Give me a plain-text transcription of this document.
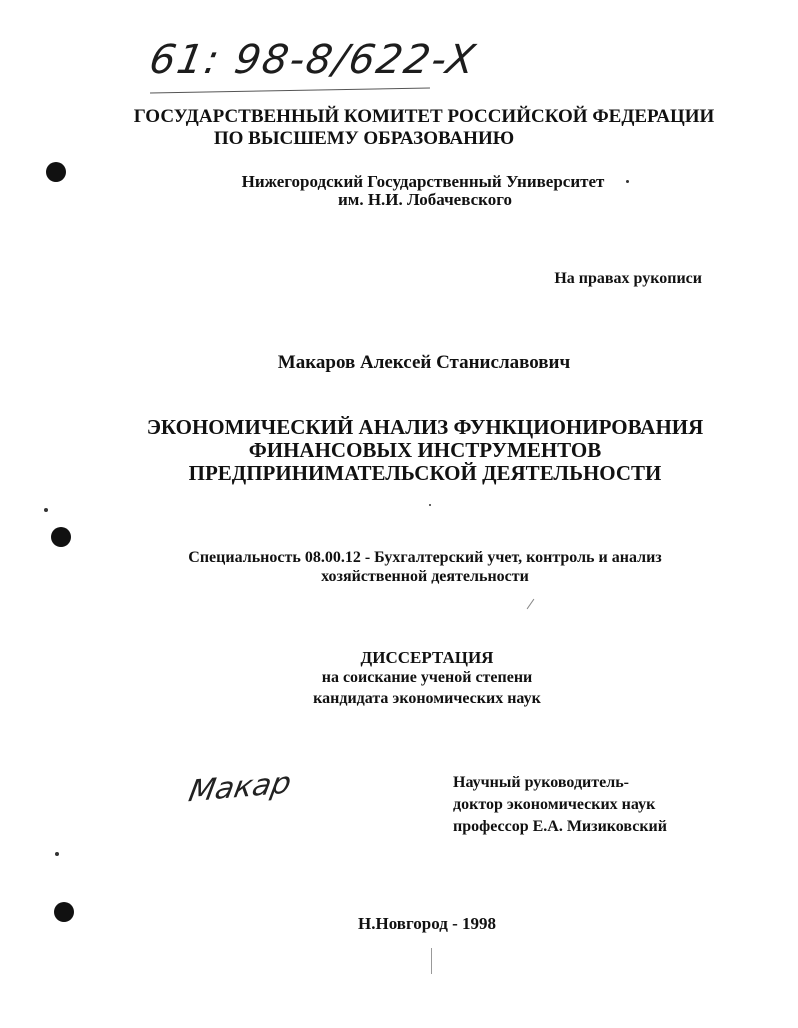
61: 98-8/622-X
ГОСУДАРСТВЕННЫЙ КОМИТЕТ РОССИЙСКОЙ ФЕДЕРАЦИИ
ПО ВЫСШЕМУ ОБРАЗОВАНИЮ
Нижегородский Государственный Университет
им. Н.И. Лобачевского
На правах рукописи
Макаров Алексей Станиславович
ЭКОНОМИЧЕСКИЙ АНАЛИЗ ФУНКЦИОНИРОВАНИЯ
ФИНАНСОВЫХ ИНСТРУМЕНТОВ
ПРЕДПРИНИМАТЕЛЬСКОЙ ДЕЯТЕЛЬНОСТИ
Специальность 08.00.12 - Бухгалтерский учет, контроль и анализ
хозяйственной деятельности
ДИССЕРТАЦИЯ
на соискание ученой степени
кандидата экономических наук
Макар	Научный руководитель-
доктор экономических наук
профессор Е.А. Мизиковский
Н.Новгород - 1998
